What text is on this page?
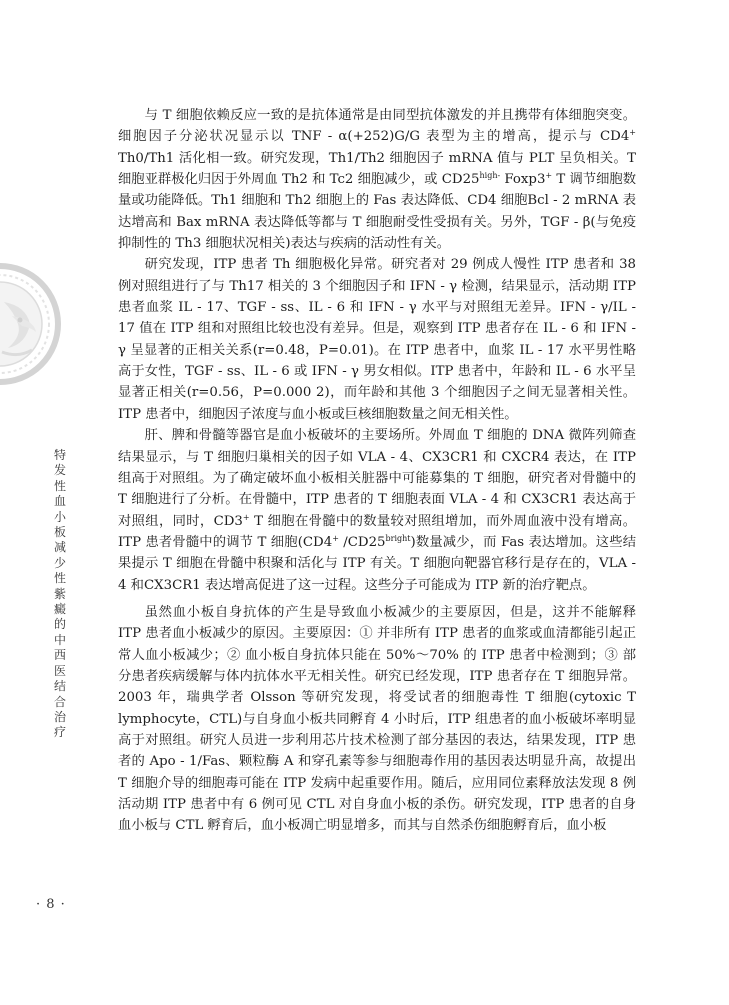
特发性血小板减少性紫癜的中西医结合治疗
· 8 ·

与 T 细胞依赖反应一致的是抗体通常是由同型抗体激发的并且携带有体细胞突变。细胞因子分泌状况显示以 TNF - α(+252)G/G 表型为主的增高，提示与 CD4+ Th0/Th1 活化相一致。研究发现，Th1/Th2 细胞因子 mRNA 值与 PLT 呈负相关。T 细胞亚群极化归因于外周血 Th2 和 Tc2 细胞减少，或 $CD25^{high-}$ Foxp3+ T 调节细胞数量或功能降低。Th1 细胞和 Th2 细胞上的 Fas 表达降低、CD4 细胞Bcl - 2 mRNA 表达增高和 Bax mRNA 表达降低等都与 T 细胞耐受性受损有关。另外，TGF - β(与免疫抑制性的 Th3 细胞状况相关)表达与疾病的活动性有关。

研究发现，ITP 患者 Th 细胞极化异常。研究者对 29 例成人慢性 ITP 患者和 38 例对照组进行了与 Th17 相关的 3 个细胞因子和 IFN - γ 检测，结果显示，活动期 ITP 患者血浆 IL - 17、TGF - ss、IL - 6 和 IFN - γ 水平与对照组无差异。IFN - γ/IL - 17 值在 ITP 组和对照组比较也没有差异。但是，观察到 ITP 患者存在 IL - 6 和 IFN - γ 呈显著的正相关关系(r=0.48，P=0.01)。在 ITP 患者中，血浆 IL - 17 水平男性略高于女性，TGF - ss、IL - 6 或 IFN - γ 男女相似。ITP 患者中，年龄和 IL - 6 水平呈显著正相关(r=0.56，P=0.000 2)，而年龄和其他 3 个细胞因子之间无显著相关性。ITP 患者中，细胞因子浓度与血小板或巨核细胞数量之间无相关性。

肝、脾和骨髓等器官是血小板破坏的主要场所。外周血 T 细胞的 DNA 微阵列筛查结果显示，与 T 细胞归巢相关的因子如 VLA - 4、CX3CR1 和 CXCR4 表达，在 ITP 组高于对照组。为了确定破坏血小板相关脏器中可能募集的 T 细胞，研究者对骨髓中的 T 细胞进行了分析。在骨髓中，ITP 患者的 T 细胞表面 VLA - 4 和 CX3CR1 表达高于对照组，同时，CD3+ T 细胞在骨髓中的数量较对照组增加，而外周血液中没有增高。ITP 患者骨髓中的调节 T 细胞(CD4+ $/CD25^{bright}$)数量减少，而 Fas 表达增加。这些结果提示 T 细胞在骨髓中积聚和活化与 ITP 有关。T 细胞向靶器官移行是存在的，VLA - 4 和CX3CR1 表达增高促进了这一过程。这些分子可能成为 ITP 新的治疗靶点。

虽然血小板自身抗体的产生是导致血小板减少的主要原因，但是，这并不能解释 ITP 患者血小板减少的原因。主要原因：① 并非所有 ITP 患者的血浆或血清都能引起正常人血小板减少；② 血小板自身抗体只能在 50%～70% 的 ITP 患者中检测到；③ 部分患者疾病缓解与体内抗体水平无相关性。研究已经发现，ITP 患者存在 T 细胞异常。2003 年，瑞典学者 Olsson 等研究发现，将受试者的细胞毒性 T 细胞(cytoxic T lymphocyte，CTL)与自身血小板共同孵育 4 小时后，ITP 组患者的血小板破坏率明显高于对照组。研究人员进一步利用芯片技术检测了部分基因的表达，结果发现，ITP 患者的 Apo - 1/Fas、颗粒酶 A 和穿孔素等参与细胞毒作用的基因表达明显升高，故提出 T 细胞介导的细胞毒可能在 ITP 发病中起重要作用。随后，应用同位素释放法发现 8 例活动期 ITP 患者中有 6 例可见 CTL 对自身血小板的杀伤。研究发现，ITP 患者的自身血小板与 CTL 孵育后，血小板凋亡明显增多，而其与自然杀伤细胞孵育后，血小板
